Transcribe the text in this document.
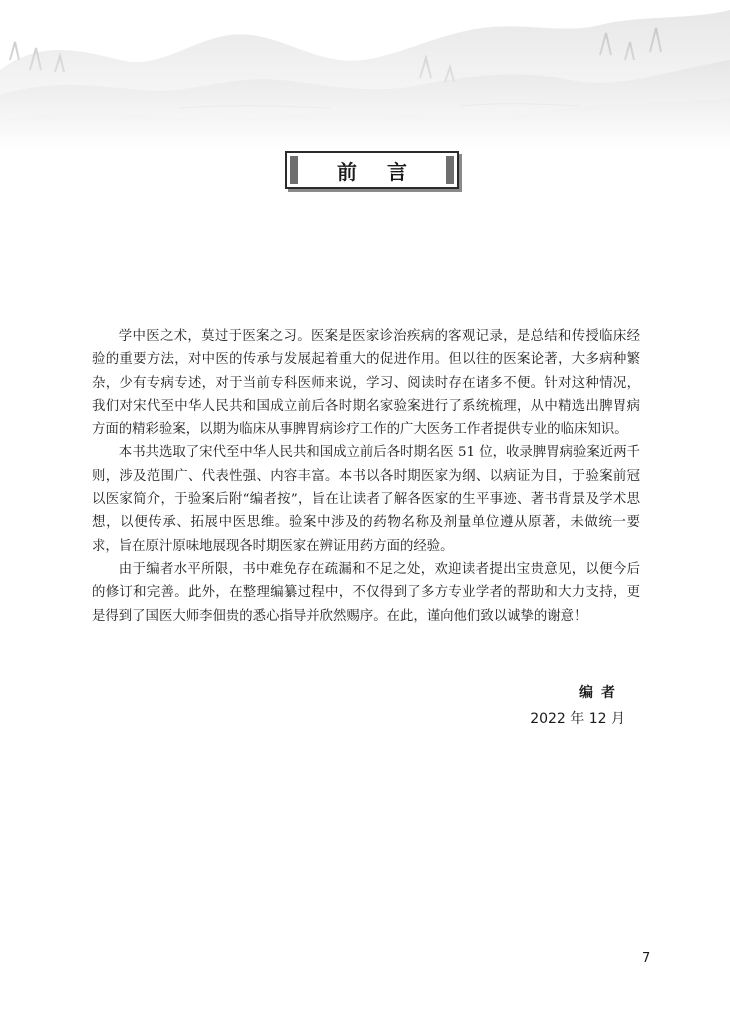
前言

学中医之术，莫过于医案之习。医案是医家诊治疾病的客观记录，是总结和传授临床经验的重要方法，对中医的传承与发展起着重大的促进作用。但以往的医案论著，大多病种繁杂，少有专病专述，对于当前专科医师来说，学习、阅读时存在诸多不便。针对这种情况，我们对宋代至中华人民共和国成立前后各时期名家验案进行了系统梳理，从中精选出脾胃病方面的精彩验案，以期为临床从事脾胃病诊疗工作的广大医务工作者提供专业的临床知识。

本书共选取了宋代至中华人民共和国成立前后各时期名医 51 位，收录脾胃病验案近两千则，涉及范围广、代表性强、内容丰富。本书以各时期医家为纲、以病证为目，于验案前冠以医家简介，于验案后附“编者按”，旨在让读者了解各医家的生平事迹、著书背景及学术思想，以便传承、拓展中医思维。验案中涉及的药物名称及剂量单位遵从原著，未做统一要求，旨在原汁原味地展现各时期医家在辨证用药方面的经验。

由于编者水平所限，书中难免存在疏漏和不足之处，欢迎读者提出宝贵意见，以便今后的修订和完善。此外，在整理编纂过程中，不仅得到了多方专业学者的帮助和大力支持，更是得到了国医大师李佃贵的悉心指导并欣然赐序。在此，谨向他们致以诚挚的谢意！

编者
2022 年 12 月
7
